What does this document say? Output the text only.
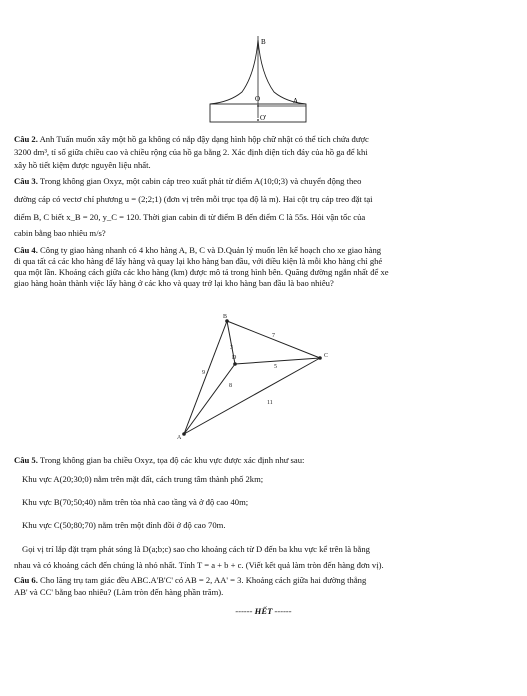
B
O	A
O'
Câu 2. Anh Tuấn muốn xây một hồ ga không có nắp đậy dạng hình hộp chữ nhật có thể tích chứa được
3200 dm³, tỉ số giữa chiều cao và chiều rộng của hồ ga bằng 2. Xác định diện tích đáy của hồ ga để khi
xây hồ tiết kiệm được nguyên liệu nhất.
Câu 3. Trong không gian Oxyz, một cabin cáp treo xuất phát từ điểm A(10;0;3) và chuyển động theo
đường cáp có vectơ chỉ phương u = (2;2;1) (đơn vị trên mỗi trục tọa độ là m). Hai cột trụ cáp treo đặt tại
điểm B, C biết x_B = 20, y_C = 120. Thời gian cabin đi từ điểm B đến điểm C là 55s. Hỏi vận tốc của
cabin bằng bao nhiêu m/s?
Câu 4. Công ty giao hàng nhanh có 4 kho hàng A, B, C và D.Quản lý muốn lên kế hoạch cho xe giao hàng
đi qua tất cả các kho hàng để lấy hàng và quay lại kho hàng ban đầu, với điều kiện là mỗi kho hàng chỉ ghé
qua một lần. Khoảng cách giữa các kho hàng (km) được mô tả trong hình bên. Quãng đường ngắn nhất để xe
giao hàng hoàn thành việc lấy hàng ở các kho và quay trở lại kho hàng ban đầu là bao nhiêu?
A
B
C
D
9
7
3
5
8
11
Câu 5. Trong không gian ba chiều Oxyz, tọa độ các khu vực được xác định như sau:
Khu vực A(20;30;0) nằm trên mặt đất, cách trung tâm thành phố 2km;
Khu vực B(70;50;40) nằm trên tòa nhà cao tầng và ở độ cao 40m;
Khu vực C(50;80;70) nằm trên một đỉnh đồi ở độ cao 70m.
Gọi vị trí lắp đặt trạm phát sóng là D(a;b;c) sao cho khoảng cách từ D đến ba khu vực kể trên là bằng
nhau và có khoảng cách đến chúng là nhỏ nhất. Tính T = a + b + c. (Viết kết quả làm tròn đến hàng đơn vị).
Câu 6. Cho lăng trụ tam giác đều ABC.A'B'C' có AB = 2, AA' = 3. Khoảng cách giữa hai đường thẳng
AB' và CC' bằng bao nhiêu? (Làm tròn đến hàng phần trăm).
------ HẾT ------
